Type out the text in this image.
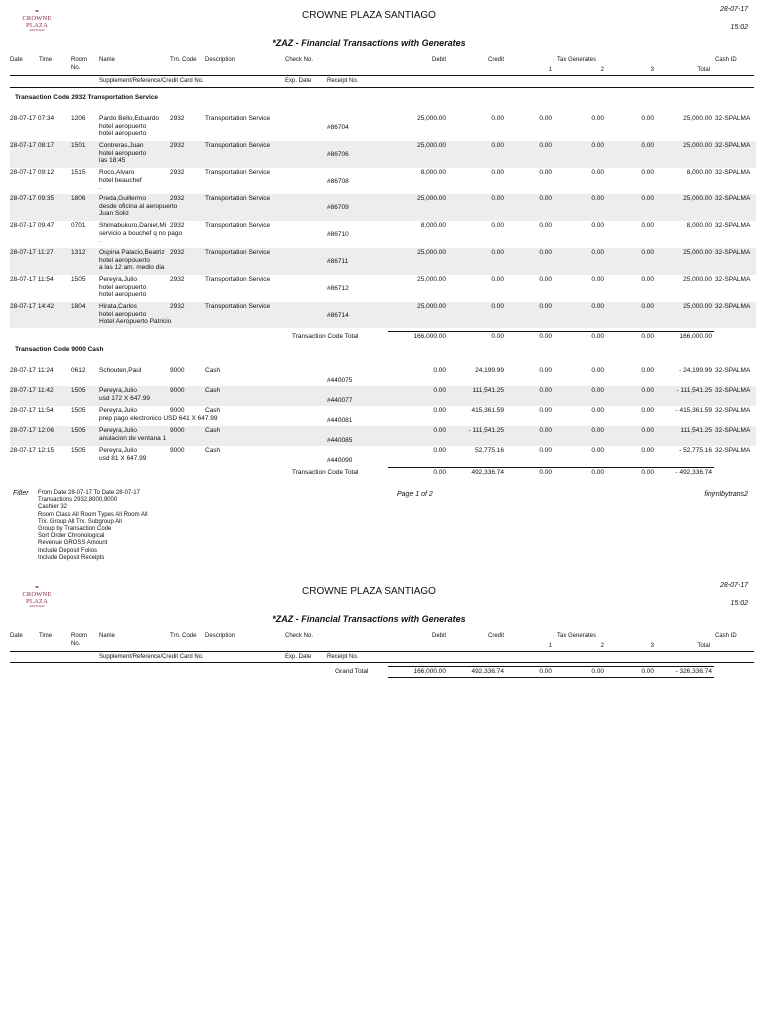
⚭
CROWNE PLAZA
SANTIAGO
CROWNE PLAZA SANTIAGO
28-07-17
15:02
*ZAZ - Financial Transactions with Generates
Date	Time	Room
No.
Name	Trn. Code Description	Check No.	Debit	Credit	Tax Generates
1	2	3	Total
Cash ID
Supplement/Reference/Credit Card No.	Exp. Date	Receipt No.
Transaction Code 2932 Transportation Service
28-07-17 07:34	1206 Pardo Bello,Eduardo 2932	Transportation Service	25,000.00	0.00	0.00	0.00	0.00	25,000.00 32-SPALMA
hotel aeropuerto
hotel aeropuerto
#86704
28-07-17 08:17	1501 Contreras,Juan	2932	Transportation Service	25,000.00	0.00	0.00	0.00	0.00	25,000.00 32-SPALMA
hotel aeropuerto
las 18:45
#86706
28-07-17 09:12	1515 Roco,Alvaro	2932	Transportation Service	8,000.00	0.00	0.00	0.00	0.00	8,000.00 32-SPALMA
hotel beauchef
.
#86708
28-07-17 09:35	1806 Preda,Guillermo	2932	Transportation Service	25,000.00	0.00	0.00	0.00	0.00	25,000.00 32-SPALMA
desde oficina al aeropuerto
Juan Soliz
#86709
28-07-17 09:47	0701 Shimabukuro,Daniel,Mi 2932	Transportation Service	8,000.00	0.00	0.00	0.00	0.00	8,000.00 32-SPALMA
servicio a bouchef q no pago
.
#86710
28-07-17 11:27	1312 Ospina Palacio,Beatriz 2932	Transportation Service	25,000.00	0.00	0.00	0.00	0.00	25,000.00 32-SPALMA
hotel aeropouerto
a las 12 am. medio dia
#86711
28-07-17 11:54	1505 Pereyra,Julio	2932	Transportation Service	25,000.00	0.00	0.00	0.00	0.00	25,000.00 32-SPALMA
hotel aeropuerto
hotel aeropuerto
#86712
28-07-17 14:42	1804 Hirata,Carlos	2932	Transportation Service	25,000.00	0.00	0.00	0.00	0.00	25,000.00 32-SPALMA
hotel aeropuerto
Hotel Aeropuerto Patricio
#86714
Transaction Code Total	166,000.00	0.00	0.00	0.00	0.00	166,000.00
Transaction Code 9000 Cash
28-07-17 11:24	0612 Schouten,Paul	9000	Cash	0.00	24,199.99	0.00	0.00	0.00	- 24,199.99 32-SPALMA
#440075
28-07-17 11:42	1505 Pereyra,Julio	9000	Cash	0.00	111,541.25	0.00	0.00	0.00	- 111,541.25 32-SPALMA
usd 172 X 647.99	#440077
28-07-17 11:54	1505 Pereyra,Julio	9000	Cash	0.00	415,361.59	0.00	0.00	0.00	- 415,361.59 32-SPALMA
prep pago electronico USD 641 X 647.99	#440081
28-07-17 12:06	1505 Pereyra,Julio	9000	Cash	0.00	- 111,541.25	0.00	0.00	0.00	111,541.25 32-SPALMA
anulacion de ventana 1	#440085
28-07-17 12:15	1505 Pereyra,Julio	9000	Cash	0.00	52,775.16	0.00	0.00	0.00	- 52,775.16 32-SPALMA
usd 81 X 647.99	#440090
Transaction Code Total	0.00	492,336.74	0.00	0.00	0.00	- 492,336.74
Filter From Date 28-07-17 To Date 28-07-17
Transactions 2932,8000,9000
Cashier 32
Room Class All Room Types All Room All
Trx. Group All Trx. Subgroup All
Group by Transaction Code
Sort Order Chronological
Revenue GROSS Amount
Include Deposit Folios
Include Deposit Receipts
Page 1 of 2	finjrnlbytrans2
⚭
CROWNE PLAZA
SANTIAGO
CROWNE PLAZA SANTIAGO
28-07-17
15:02
*ZAZ - Financial Transactions with Generates
Date	Time	Room
No.
Name	Trn. Code Description	Check No.	Debit	Credit	Tax Generates
1	2	3	Total
Cash ID
Supplement/Reference/Credit Card No.	Exp. Date	Receipt No.
Grand Total	166,000.00	492,336.74	0.00	0.00	0.00	- 326,336.74
